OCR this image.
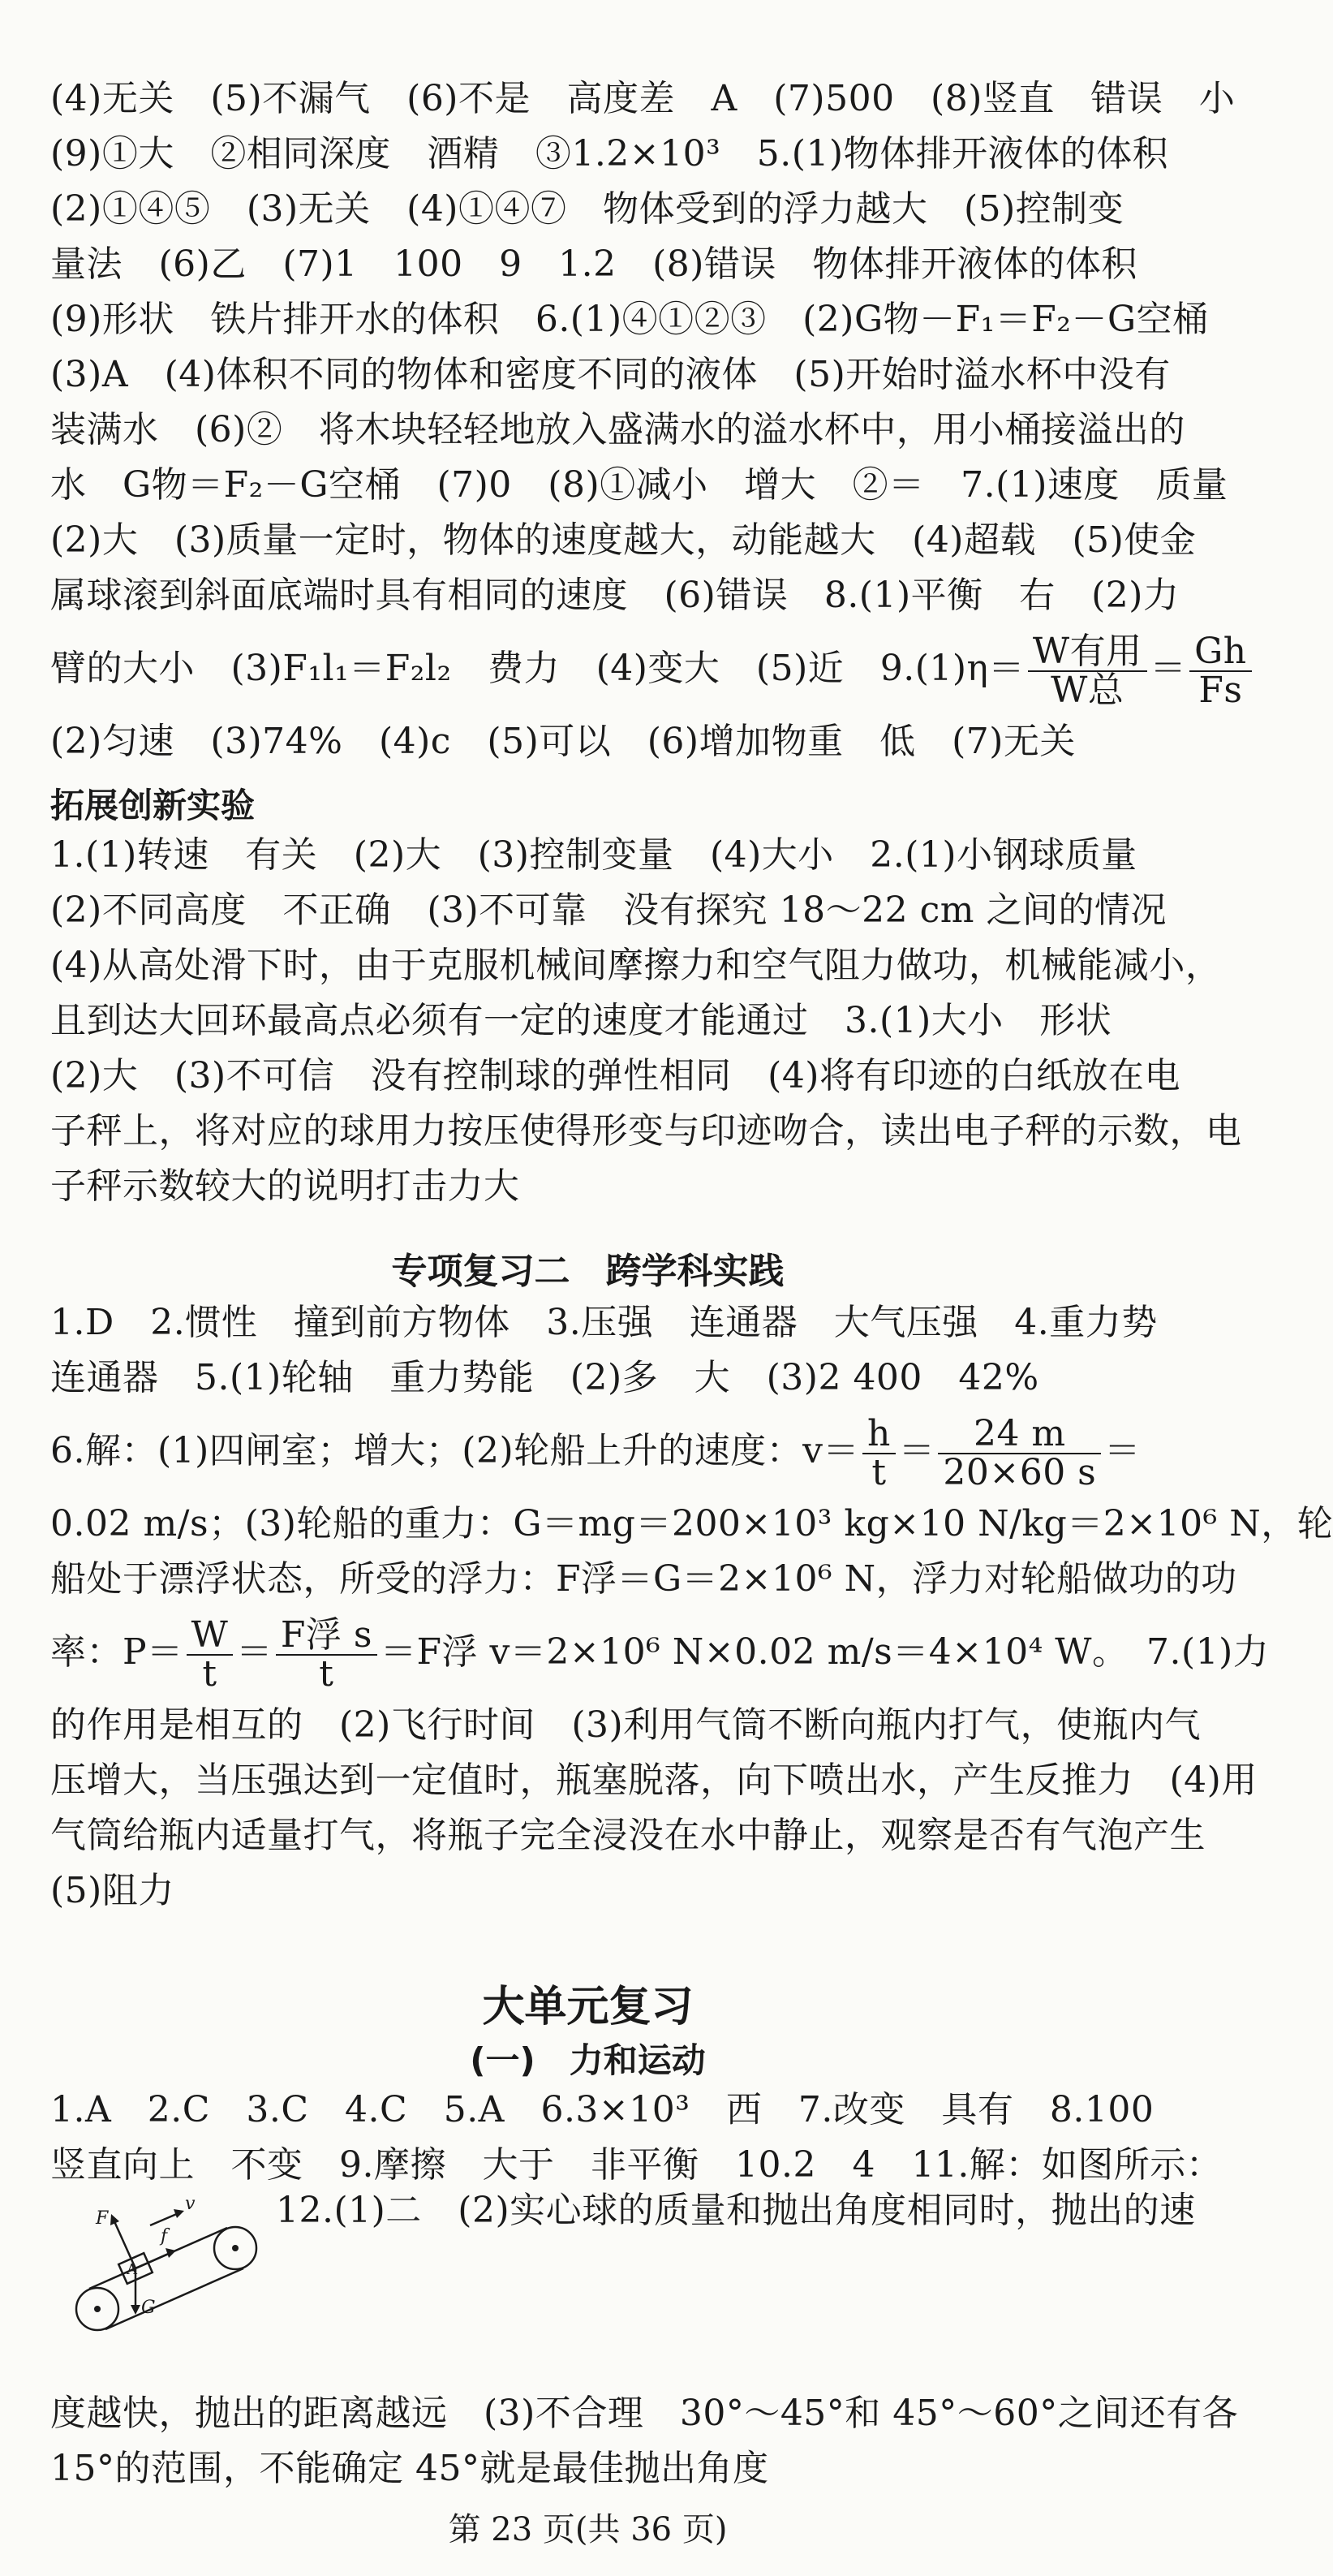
(4)无关　(5)不漏气　(6)不是　高度差　A　(7)500　(8)竖直　错误　小
(9)①大　②相同深度　酒精　③1.2×10³　5.(1)物体排开液体的体积
(2)①④⑤　(3)无关　(4)①④⑦　物体受到的浮力越大　(5)控制变
量法　(6)乙　(7)1　100　9　1.2　(8)错误　物体排开液体的体积
(9)形状　铁片排开水的体积　6.(1)④①②③　(2)G物－F₁＝F₂－G空桶
(3)A　(4)体积不同的物体和密度不同的液体　(5)开始时溢水杯中没有
装满水　(6)②　将木块轻轻地放入盛满水的溢水杯中，用小桶接溢出的
水　G物＝F₂－G空桶　(7)0　(8)①减小　增大　②＝　7.(1)速度　质量
(2)大　(3)质量一定时，物体的速度越大，动能越大　(4)超载　(5)使金
属球滚到斜面底端时具有相同的速度　(6)错误　8.(1)平衡　右　(2)力
臂的大小　(3)F₁l₁＝F₂l₂　费力　(4)变大　(5)近　$9.(1)\eta= \frac{\text{W有用}}{\text{W总}} = \frac{Gh}{Fs}$
(2)匀速　(3)74%　(4)c　(5)可以　(6)增加物重　低　(7)无关
拓展创新实验
1.(1)转速　有关　(2)大　(3)控制变量　(4)大小　2.(1)小钢球质量
(2)不同高度　不正确　(3)不可靠　没有探究 18～22 cm 之间的情况
(4)从高处滑下时，由于克服机械间摩擦力和空气阻力做功，机械能减小，
且到达大回环最高点必须有一定的速度才能通过　3.(1)大小　形状
(2)大　(3)不可信　没有控制球的弹性相同　(4)将有印迹的白纸放在电
子秤上，将对应的球用力按压使得形变与印迹吻合，读出电子秤的示数，电
子秤示数较大的说明打击力大
专项复习二　跨学科实践
1.D　2.惯性　撞到前方物体　3.压强　连通器　大气压强　4.重力势
连通器　5.(1)轮轴　重力势能　(2)多　大　(3)2 400　42%
6.解：(1)四闸室；增大；(2)轮船上升的速度：$v= \frac{h}{t} = \frac{24 m}{20\times 60 s}$ ＝
0.02 m/s；(3)轮船的重力：G＝mg＝200×10³ kg×10 N/kg＝2×10⁶ N，轮
船处于漂浮状态，所受的浮力：F浮＝G＝2×10⁶ N，浮力对轮船做功的功
率：$P= \frac{W}{t} = \frac{\text{F浮 s}}{t} =F$浮 v＝2×10⁶ N×0.02 m/s＝4×10⁴ W。　7.(1)力
的作用是相互的　(2)飞行时间　(3)利用气筒不断向瓶内打气，使瓶内气
压增大，当压强达到一定值时，瓶塞脱落，向下喷出水，产生反推力　(4)用
气筒给瓶内适量打气，将瓶子完全浸没在水中静止，观察是否有气泡产生
(5)阻力
大单元复习
(一)　力和运动
1.A　2.C　3.C　4.C　5.A　6.3×10³　西　7.改变　具有　8.100
竖直向上　不变　9.摩擦　大于　非平衡　10.2　4　11.解：如图所示：
F
v
f
A
G
12.(1)二　(2)实心球的质量和抛出角度相同时，抛出的速
度越快，抛出的距离越远　(3)不合理　30°～45°和 45°～60°之间还有各
15°的范围，不能确定 45°就是最佳抛出角度
第 23 页(共 36 页)
